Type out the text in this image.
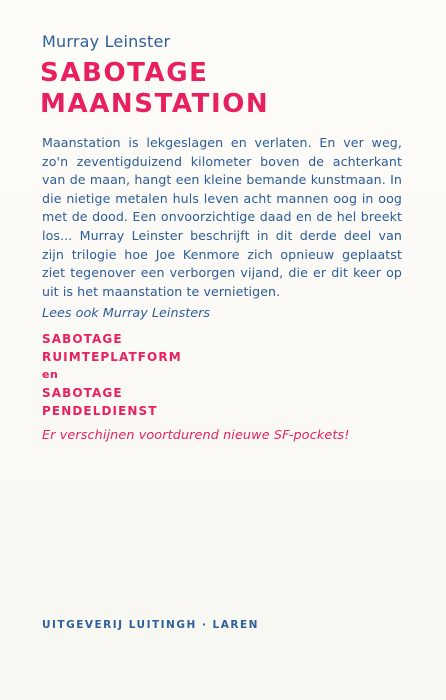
Murray Leinster
SABOTAGE
MAANSTATION

Maanstation is lekgeslagen en verlaten. En ver weg, zo'n zeventigduizend kilometer boven de achterkant van de maan, hangt een kleine bemande kunstmaan. In die nietige metalen huls leven acht mannen oog in oog met de dood. Een onvoorzichtige daad en de hel breekt los... Murray Leinster beschrijft in dit derde deel van zijn trilogie hoe Joe Kenmore zich opnieuw geplaatst ziet tegenover een verborgen vijand, die er dit keer op uit is het maanstation te vernietigen.

Lees ook Murray Leinsters
SABOTAGE
RUIMTEPLATFORM
en
SABOTAGE
PENDELDIENST
Er verschijnen voortdurend nieuwe SF-pockets!
UITGEVERIJ LUITINGH · LAREN
